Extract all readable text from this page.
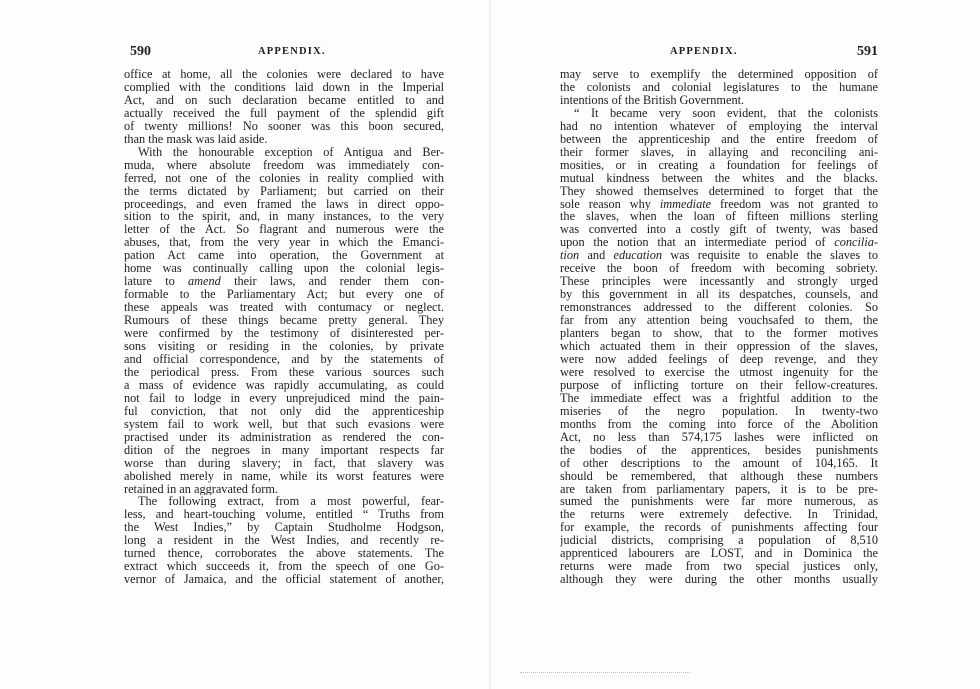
590	APPENDIX.
office at home, all the colonies were declared to have
complied with the conditions laid down in the Imperial
Act, and on such declaration became entitled to and
actually received the full payment of the splendid gift
of twenty millions! No sooner was this boon secured,
than the mask was laid aside.
With the honourable exception of Antigua and Ber-
muda, where absolute freedom was immediately con-
ferred, not one of the colonies in reality complied with
the terms dictated by Parliament; but carried on their
proceedings, and even framed the laws in direct oppo-
sition to the spirit, and, in many instances, to the very
letter of the Act. So flagrant and numerous were the
abuses, that, from the very year in which the Emanci-
pation Act came into operation, the Government at
home was continually calling upon the colonial legis-
lature to amend their laws, and render them con-
formable to the Parliamentary Act; but every one of
these appeals was treated with contumacy or neglect.
Rumours of these things became pretty general. They
were confirmed by the testimony of disinterested per-
sons visiting or residing in the colonies, by private
and official correspondence, and by the statements of
the periodical press. From these various sources such
a mass of evidence was rapidly accumulating, as could
not fail to lodge in every unprejudiced mind the pain-
ful conviction, that not only did the apprenticeship
system fail to work well, but that such evasions were
practised under its administration as rendered the con-
dition of the negroes in many important respects far
worse than during slavery; in fact, that slavery was
abolished merely in name, while its worst features were
retained in an aggravated form.
The following extract, from a most powerful, fear-
less, and heart-touching volume, entitled “ Truths from
the West Indies,” by Captain Studholme Hodgson,
long a resident in the West Indies, and recently re-
turned thence, corroborates the above statements. The
extract which succeeds it, from the speech of one Go-
vernor of Jamaica, and the official statement of another,
APPENDIX.	591
may serve to exemplify the determined opposition of
the colonists and colonial legislatures to the humane
intentions of the British Government.
“ It became very soon evident, that the colonists
had no intention whatever of employing the interval
between the apprenticeship and the entire freedom of
their former slaves, in allaying and reconciling ani-
mosities, or in creating a foundation for feelings of
mutual kindness between the whites and the blacks.
They showed themselves determined to forget that the
sole reason why immediate freedom was not granted to
the slaves, when the loan of fifteen millions sterling
was converted into a costly gift of twenty, was based
upon the notion that an intermediate period of concilia-
tion and education was requisite to enable the slaves to
receive the boon of freedom with becoming sobriety.
These principles were incessantly and strongly urged
by this government in all its despatches, counsels, and
remonstrances addressed to the different colonies. So
far from any attention being vouchsafed to them, the
planters began to show, that to the former motives
which actuated them in their oppression of the slaves,
were now added feelings of deep revenge, and they
were resolved to exercise the utmost ingenuity for the
purpose of inflicting torture on their fellow-creatures.
The immediate effect was a frightful addition to the
miseries of the negro population. In twenty-two
months from the coming into force of the Abolition
Act, no less than 574,175 lashes were inflicted on
the bodies of the apprentices, besides punishments
of other descriptions to the amount of 104,165. It
should be remembered, that although these numbers
are taken from parliamentary papers, it is to be pre-
sumed the punishments were far more numerous, as
the returns were extremely defective. In Trinidad,
for example, the records of punishments affecting four
judicial districts, comprising a population of 8,510
apprenticed labourers are LOST, and in Dominica the
returns were made from two special justices only,
although they were during the other months usually
